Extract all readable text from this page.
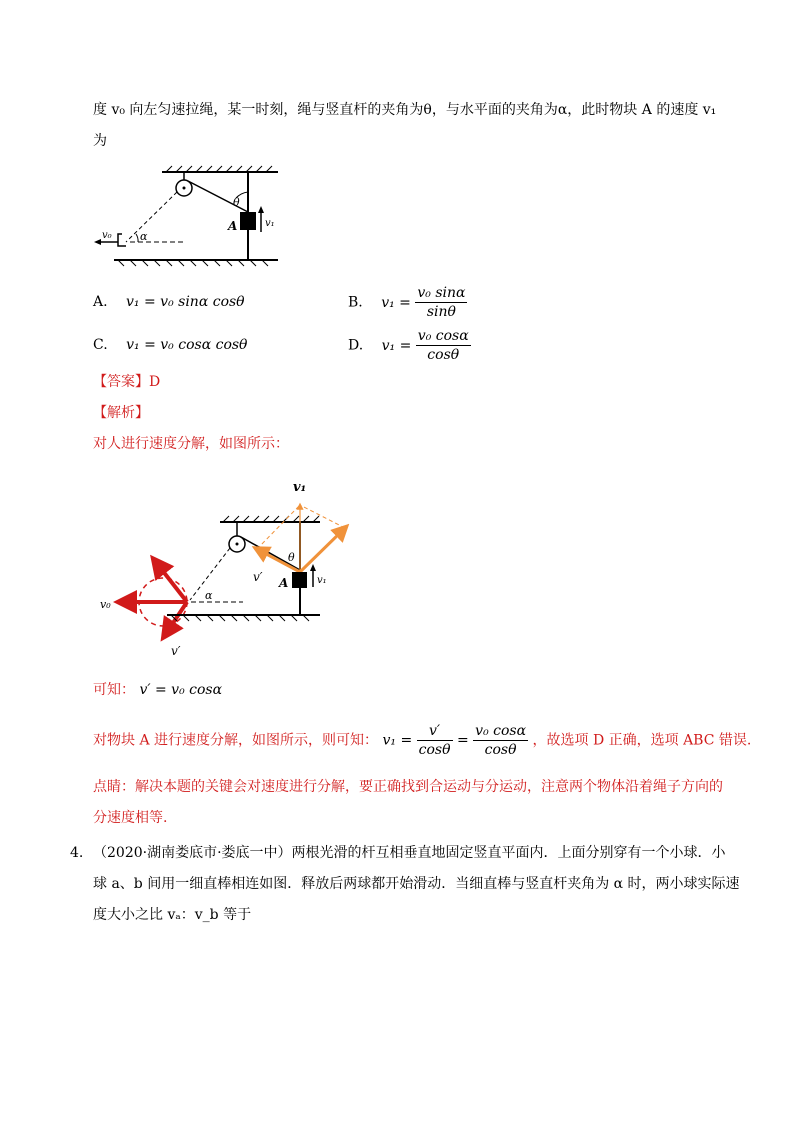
度 v₀ 向左匀速拉绳，某一时刻，绳与竖直杆的夹角为θ，与水平面的夹角为α，此时物块 A 的速度 v₁
为
θ
A	v₁
α
v₀
A. v₁ = v₀ sinα cosθ	B. $v_1 = \frac{\text{v₀ sinα}}{\sin\theta}$
C. v₁ = v₀ cosα cosθ	D. $v_1 = \frac{\text{v₀ cosα}}{\cos\theta}$
【答案】D
【解析】
对人进行速度分解，如图所示：
v₁
v′
θ
A	v₁
α
v₀
v′
可知： v′ = v₀ cosα
对物块 A 进行速度分解，如图所示，则可知： $v_1 = \frac{v'}{\cos\theta} = \frac{\text{v₀ cosα}}{\cos\theta}$ ，故选项 D 正确，选项 ABC 错误.
点睛：解决本题的关键会对速度进行分解，要正确找到合运动与分运动，注意两个物体沿着绳子方向的
分速度相等.
4. （2020·湖南娄底市·娄底一中）两根光滑的杆互相垂直地固定竖直平面内．上面分别穿有一个小球．小
球 a、b 间用一细直棒相连如图．释放后两球都开始滑动．当细直棒与竖直杆夹角为 α 时，两小球实际速
度大小之比 vₐ：v_b 等于
